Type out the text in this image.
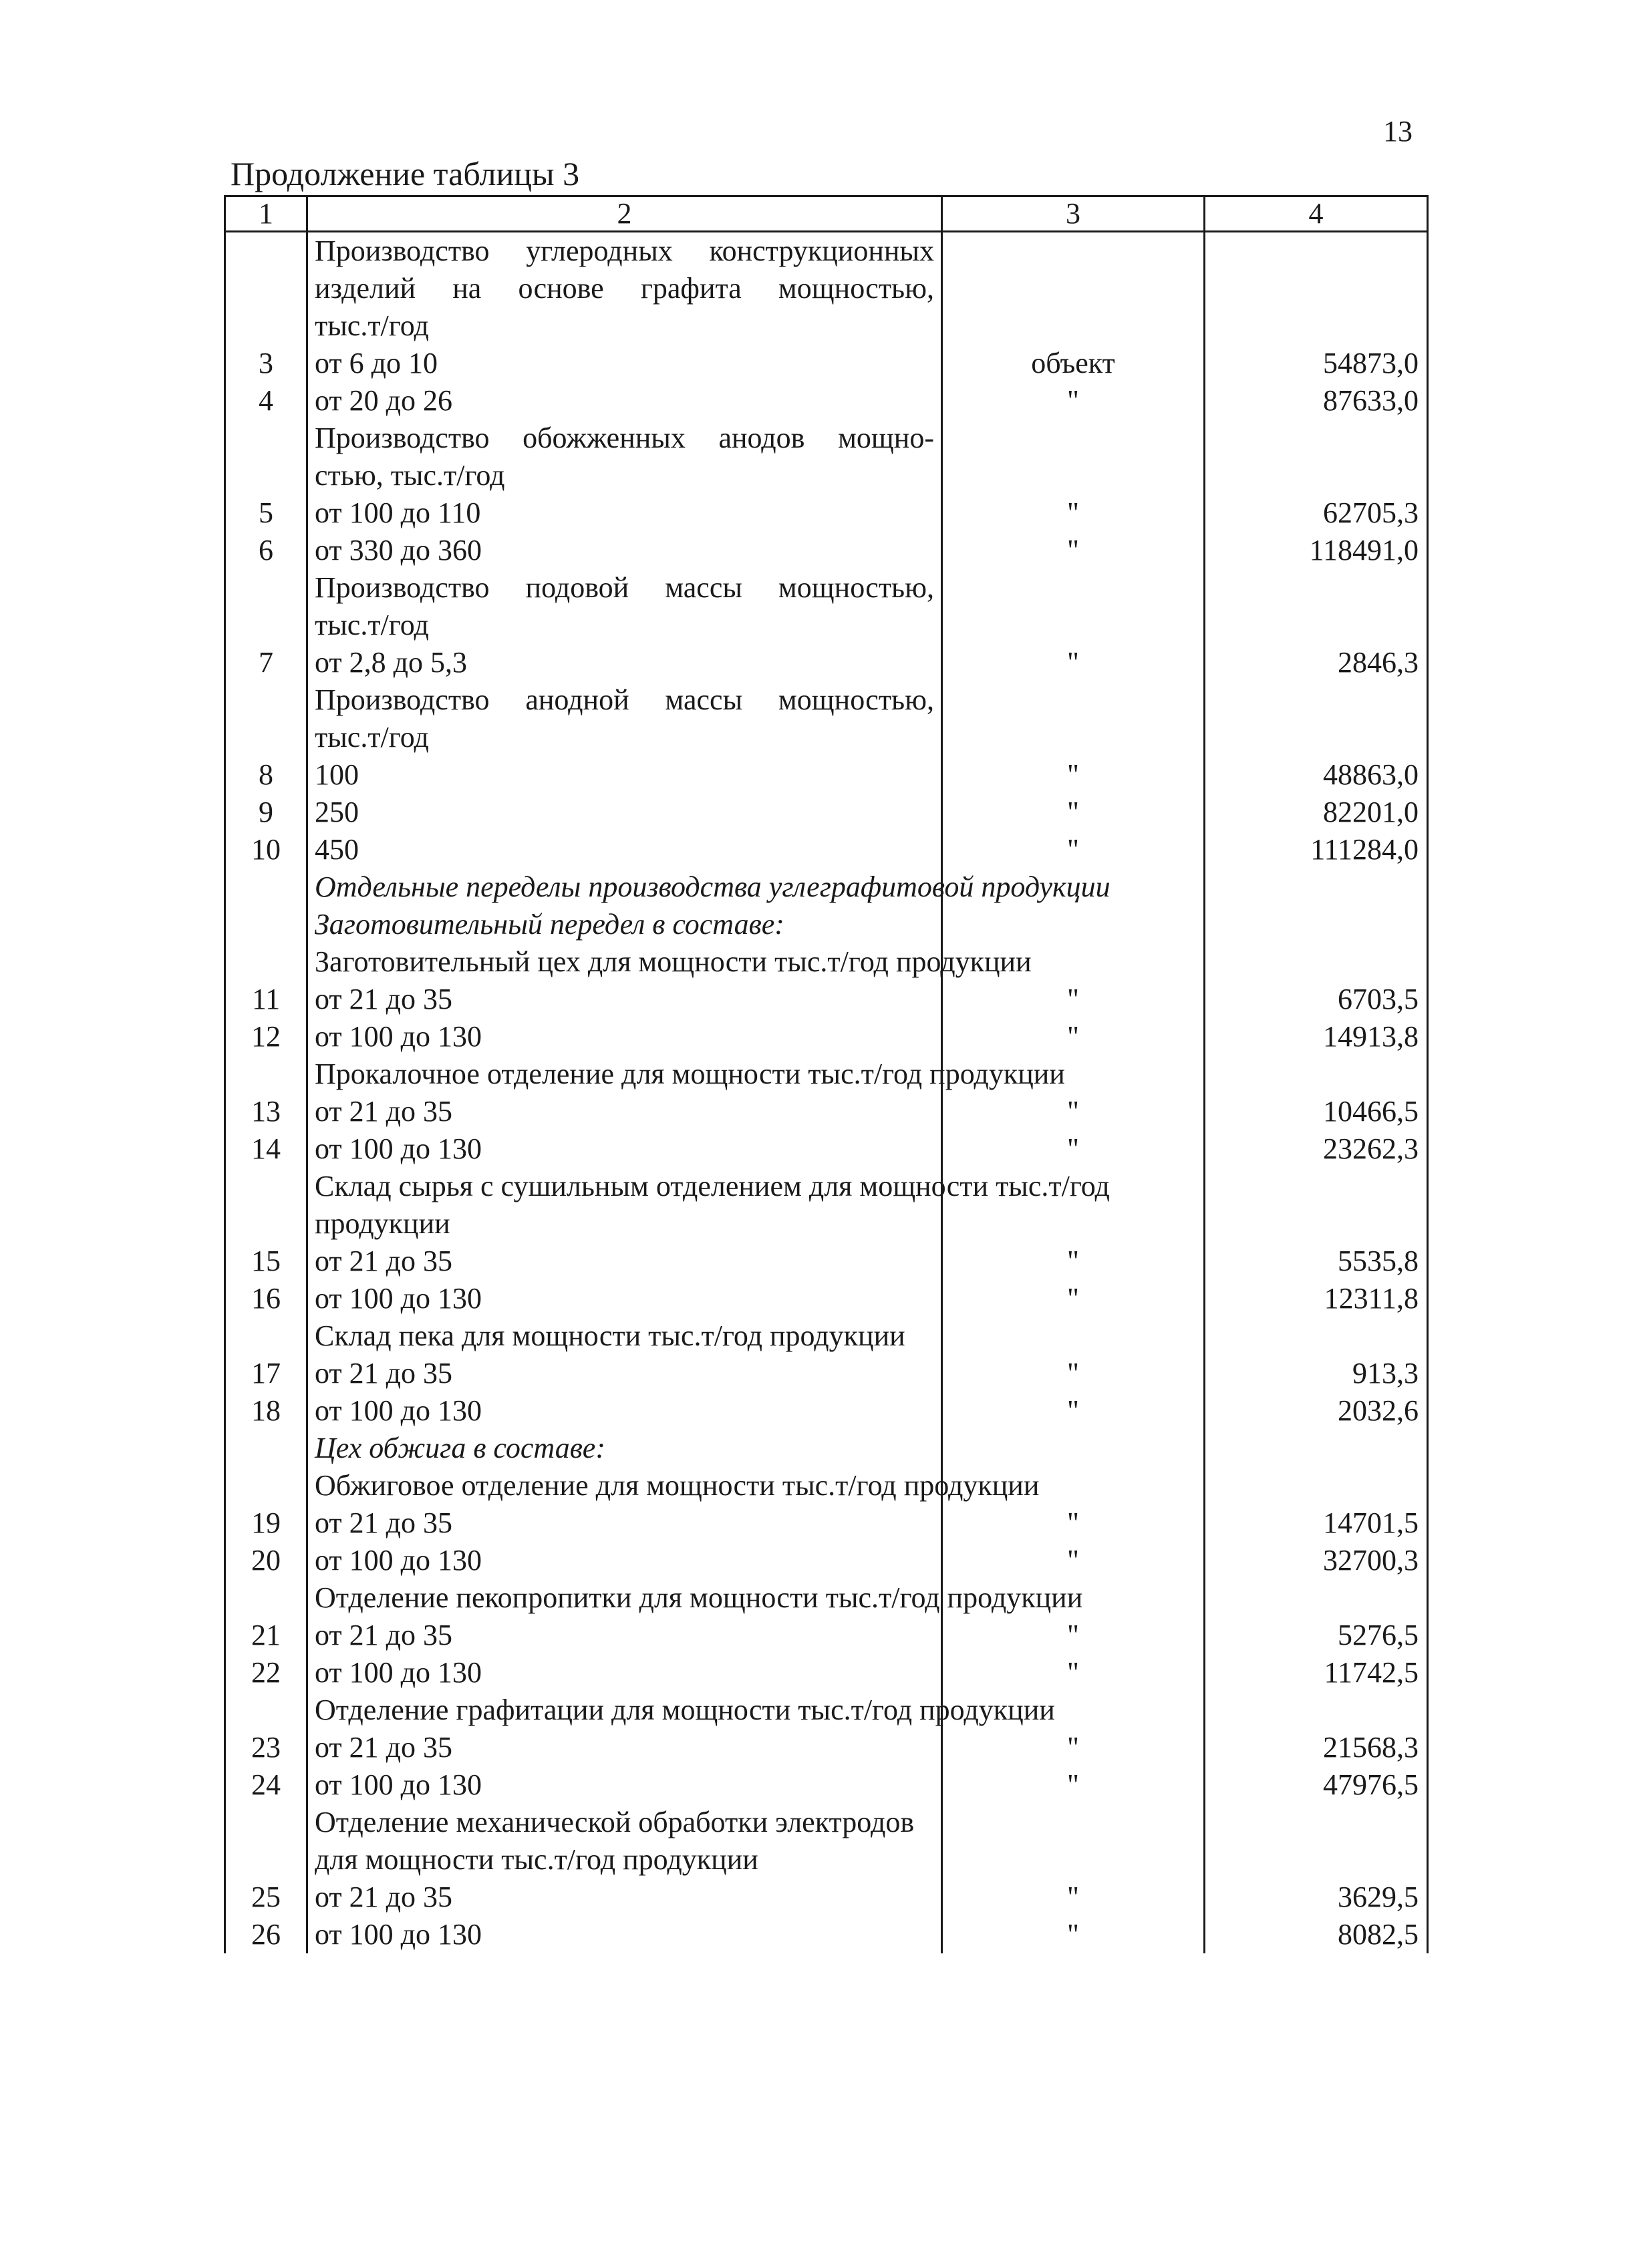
13
Продолжение таблицы 3
1	2	3	4
	Производство углеродных конструкционных		
	изделий на основе графита мощностью,		
	тыс.т/год		
3	от 6 до 10	объект	54873,0
4	от 20 до 26	"	87633,0
	Производство обожженных анодов мощно-		
	стью, тыс.т/год		
5	от 100 до 110	"	62705,3
6	от 330 до 360	"	118491,0
	Производство подовой массы мощностью,		
	тыс.т/год		
7	от 2,8 до 5,3	"	2846,3
	Производство анодной массы мощностью,		
	тыс.т/год		
8	100	"	48863,0
9	250	"	82201,0
10	450	"	111284,0
	Отдельные переделы производства углеграфитовой продукции		
	Заготовительный передел в составе:		
	Заготовительный цех для мощности тыс.т/год продукции		
11	от 21 до 35	"	6703,5
12	от 100 до 130	"	14913,8
	Прокалочное отделение для мощности тыс.т/год продукции		
13	от 21 до 35	"	10466,5
14	от 100 до 130	"	23262,3
	Склад сырья с сушильным отделением для мощности тыс.т/год		
	продукции		
15	от 21 до 35	"	5535,8
16	от 100 до 130	"	12311,8
	Склад пека для мощности тыс.т/год продукции		
17	от 21 до 35	"	913,3
18	от 100 до 130	"	2032,6
	Цех обжига в составе:		
	Обжиговое отделение для мощности тыс.т/год продукции		
19	от 21 до 35	"	14701,5
20	от 100 до 130	"	32700,3
	Отделение пекопропитки для мощности тыс.т/год продукции		
21	от 21 до 35	"	5276,5
22	от 100 до 130	"	11742,5
	Отделение графитации для мощности тыс.т/год продукции		
23	от 21 до 35	"	21568,3
24	от 100 до 130	"	47976,5
	Отделение механической обработки электродов		
	для мощности тыс.т/год продукции		
25	от 21 до 35	"	3629,5
26	от 100 до 130	"	8082,5
